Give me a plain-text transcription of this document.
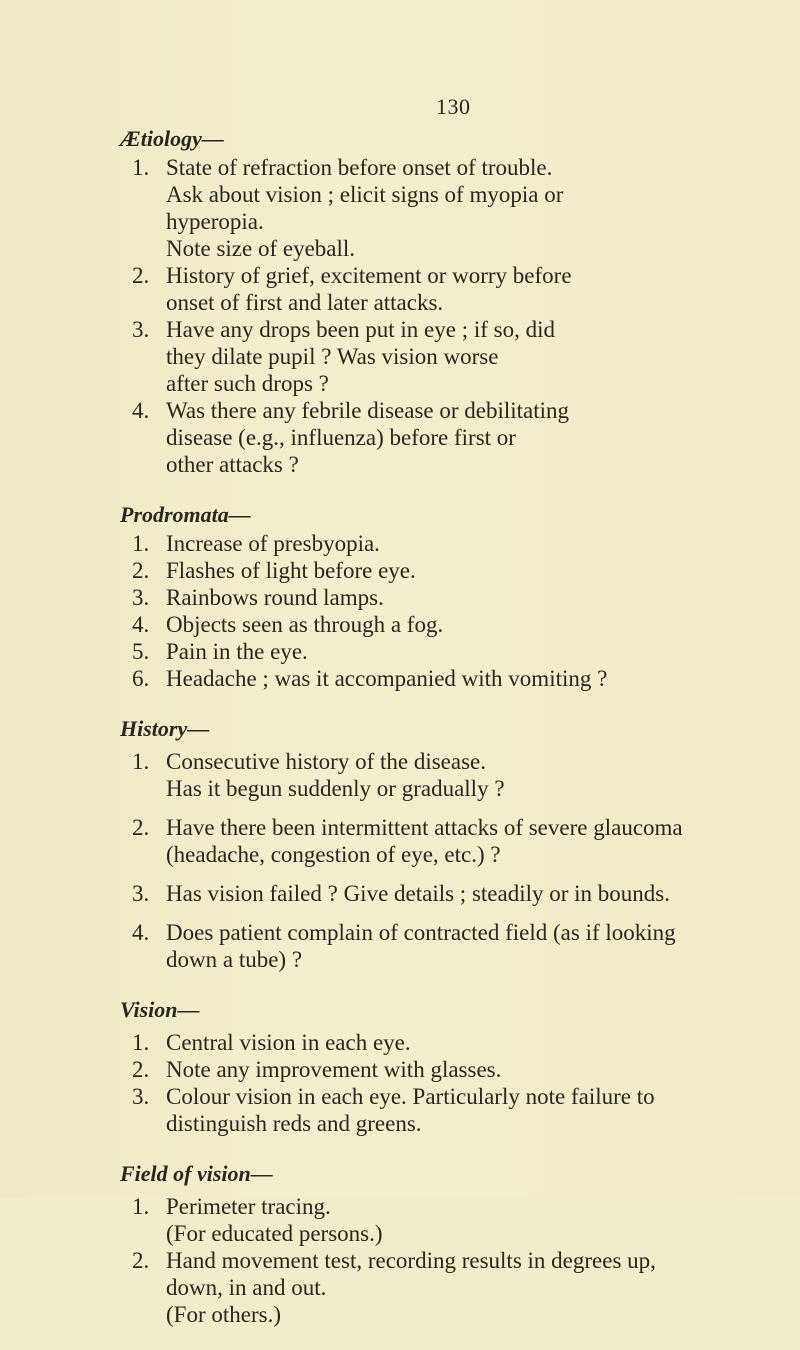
130
Ætiology—
1. State of refraction before onset of trouble.

Ask about vision ; elicit signs of myopia or

hyperopia.

Note size of eyeball.

2. History of grief, excitement or worry before

onset of first and later attacks.

3. Have any drops been put in eye ; if so, did

they dilate pupil ? Was vision worse

after such drops ?

4. Was there any febrile disease or debilitating

disease (e.g., influenza) before first or

other attacks ?

Prodromata—
1. Increase of presbyopia.

2. Flashes of light before eye.

3. Rainbows round lamps.

4. Objects seen as through a fog.

5. Pain in the eye.

6. Headache ; was it accompanied with vomiting ?

History—
1. Consecutive history of the disease.

Has it begun suddenly or gradually ?

2. Have there been intermittent attacks of severe glaucoma

(headache, congestion of eye, etc.) ?

3. Has vision failed ? Give details ; steadily or in bounds.

4. Does patient complain of contracted field (as if looking

down a tube) ?

Vision—
1. Central vision in each eye.

2. Note any improvement with glasses.

3. Colour vision in each eye. Particularly note failure to

distinguish reds and greens.

Field of vision—
1. Perimeter tracing.

(For educated persons.)

2. Hand movement test, recording results in degrees up,

down, in and out.

(For others.)
